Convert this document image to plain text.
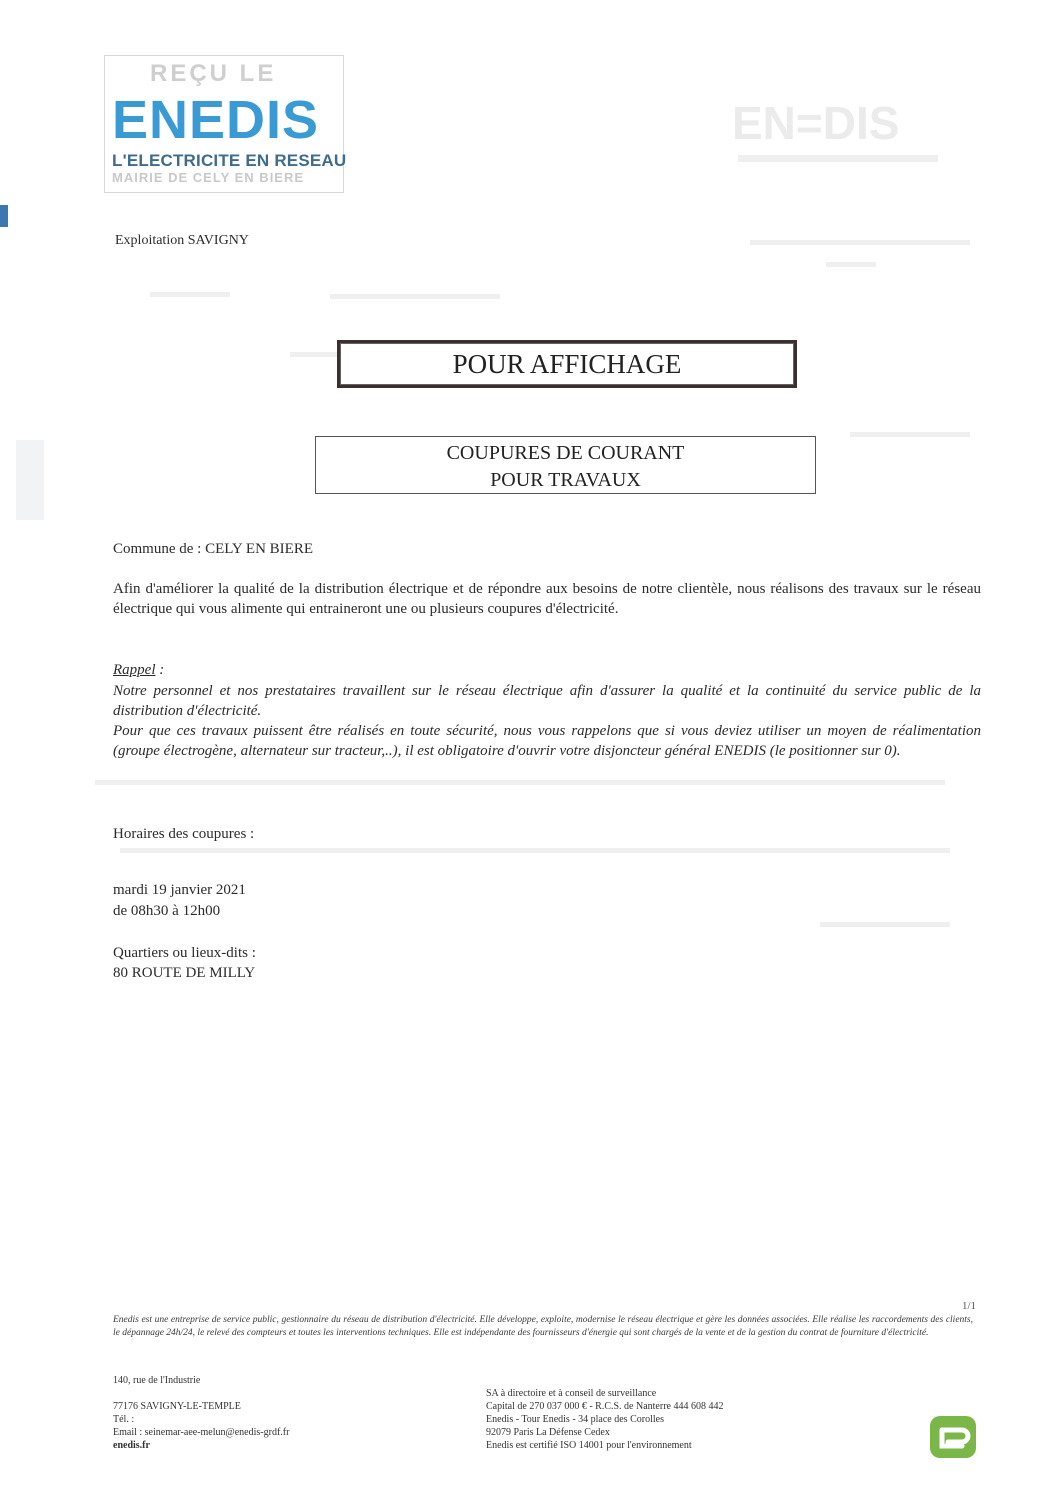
EN=DIS
REÇU LE
MAIRIE DE CELY EN BIERE
ENEDIS
L'ELECTRICITE EN RESEAU
Exploitation SAVIGNY
POUR AFFICHAGE
COUPURES DE COURANT
POUR TRAVAUX
Commune de : CELY EN BIERE
Afin d'améliorer la qualité de la distribution électrique et de répondre aux besoins de notre clientèle, nous réalisons des travaux sur le réseau électrique qui vous alimente qui entraineront une ou plusieurs coupures d'électricité.
Rappel :
Notre personnel et nos prestataires travaillent sur le réseau électrique afin d'assurer la qualité et la continuité du service public de la distribution d'électricité.
Pour que ces travaux puissent être réalisés en toute sécurité, nous vous rappelons que si vous deviez utiliser un moyen de réalimentation (groupe électrogène, alternateur sur tracteur,..), il est obligatoire d'ouvrir votre disjoncteur général ENEDIS (le positionner sur 0).
Horaires des coupures :
mardi 19 janvier 2021
de 08h30 à 12h00
Quartiers ou lieux-dits :
80 ROUTE DE MILLY
1/1
Enedis est une entreprise de service public, gestionnaire du réseau de distribution d'électricité. Elle développe, exploite, modernise le réseau électrique et gère les données associées. Elle réalise les raccordements des clients, le dépannage 24h/24, le relevé des compteurs et toutes les interventions techniques. Elle est indépendante des fournisseurs d'énergie qui sont chargés de la vente et de la gestion du contrat de fourniture d'électricité.
140, rue de l'Industrie
77176 SAVIGNY-LE-TEMPLE
Tél. :
Email : seinemar-aee-melun@enedis-grdf.fr
enedis.fr
SA à directoire et à conseil de surveillance
Capital de 270 037 000 € - R.C.S. de Nanterre 444 608 442
Enedis - Tour Enedis - 34 place des Corolles
92079 Paris La Défense Cedex
Enedis est certifié ISO 14001 pour l'environnement
